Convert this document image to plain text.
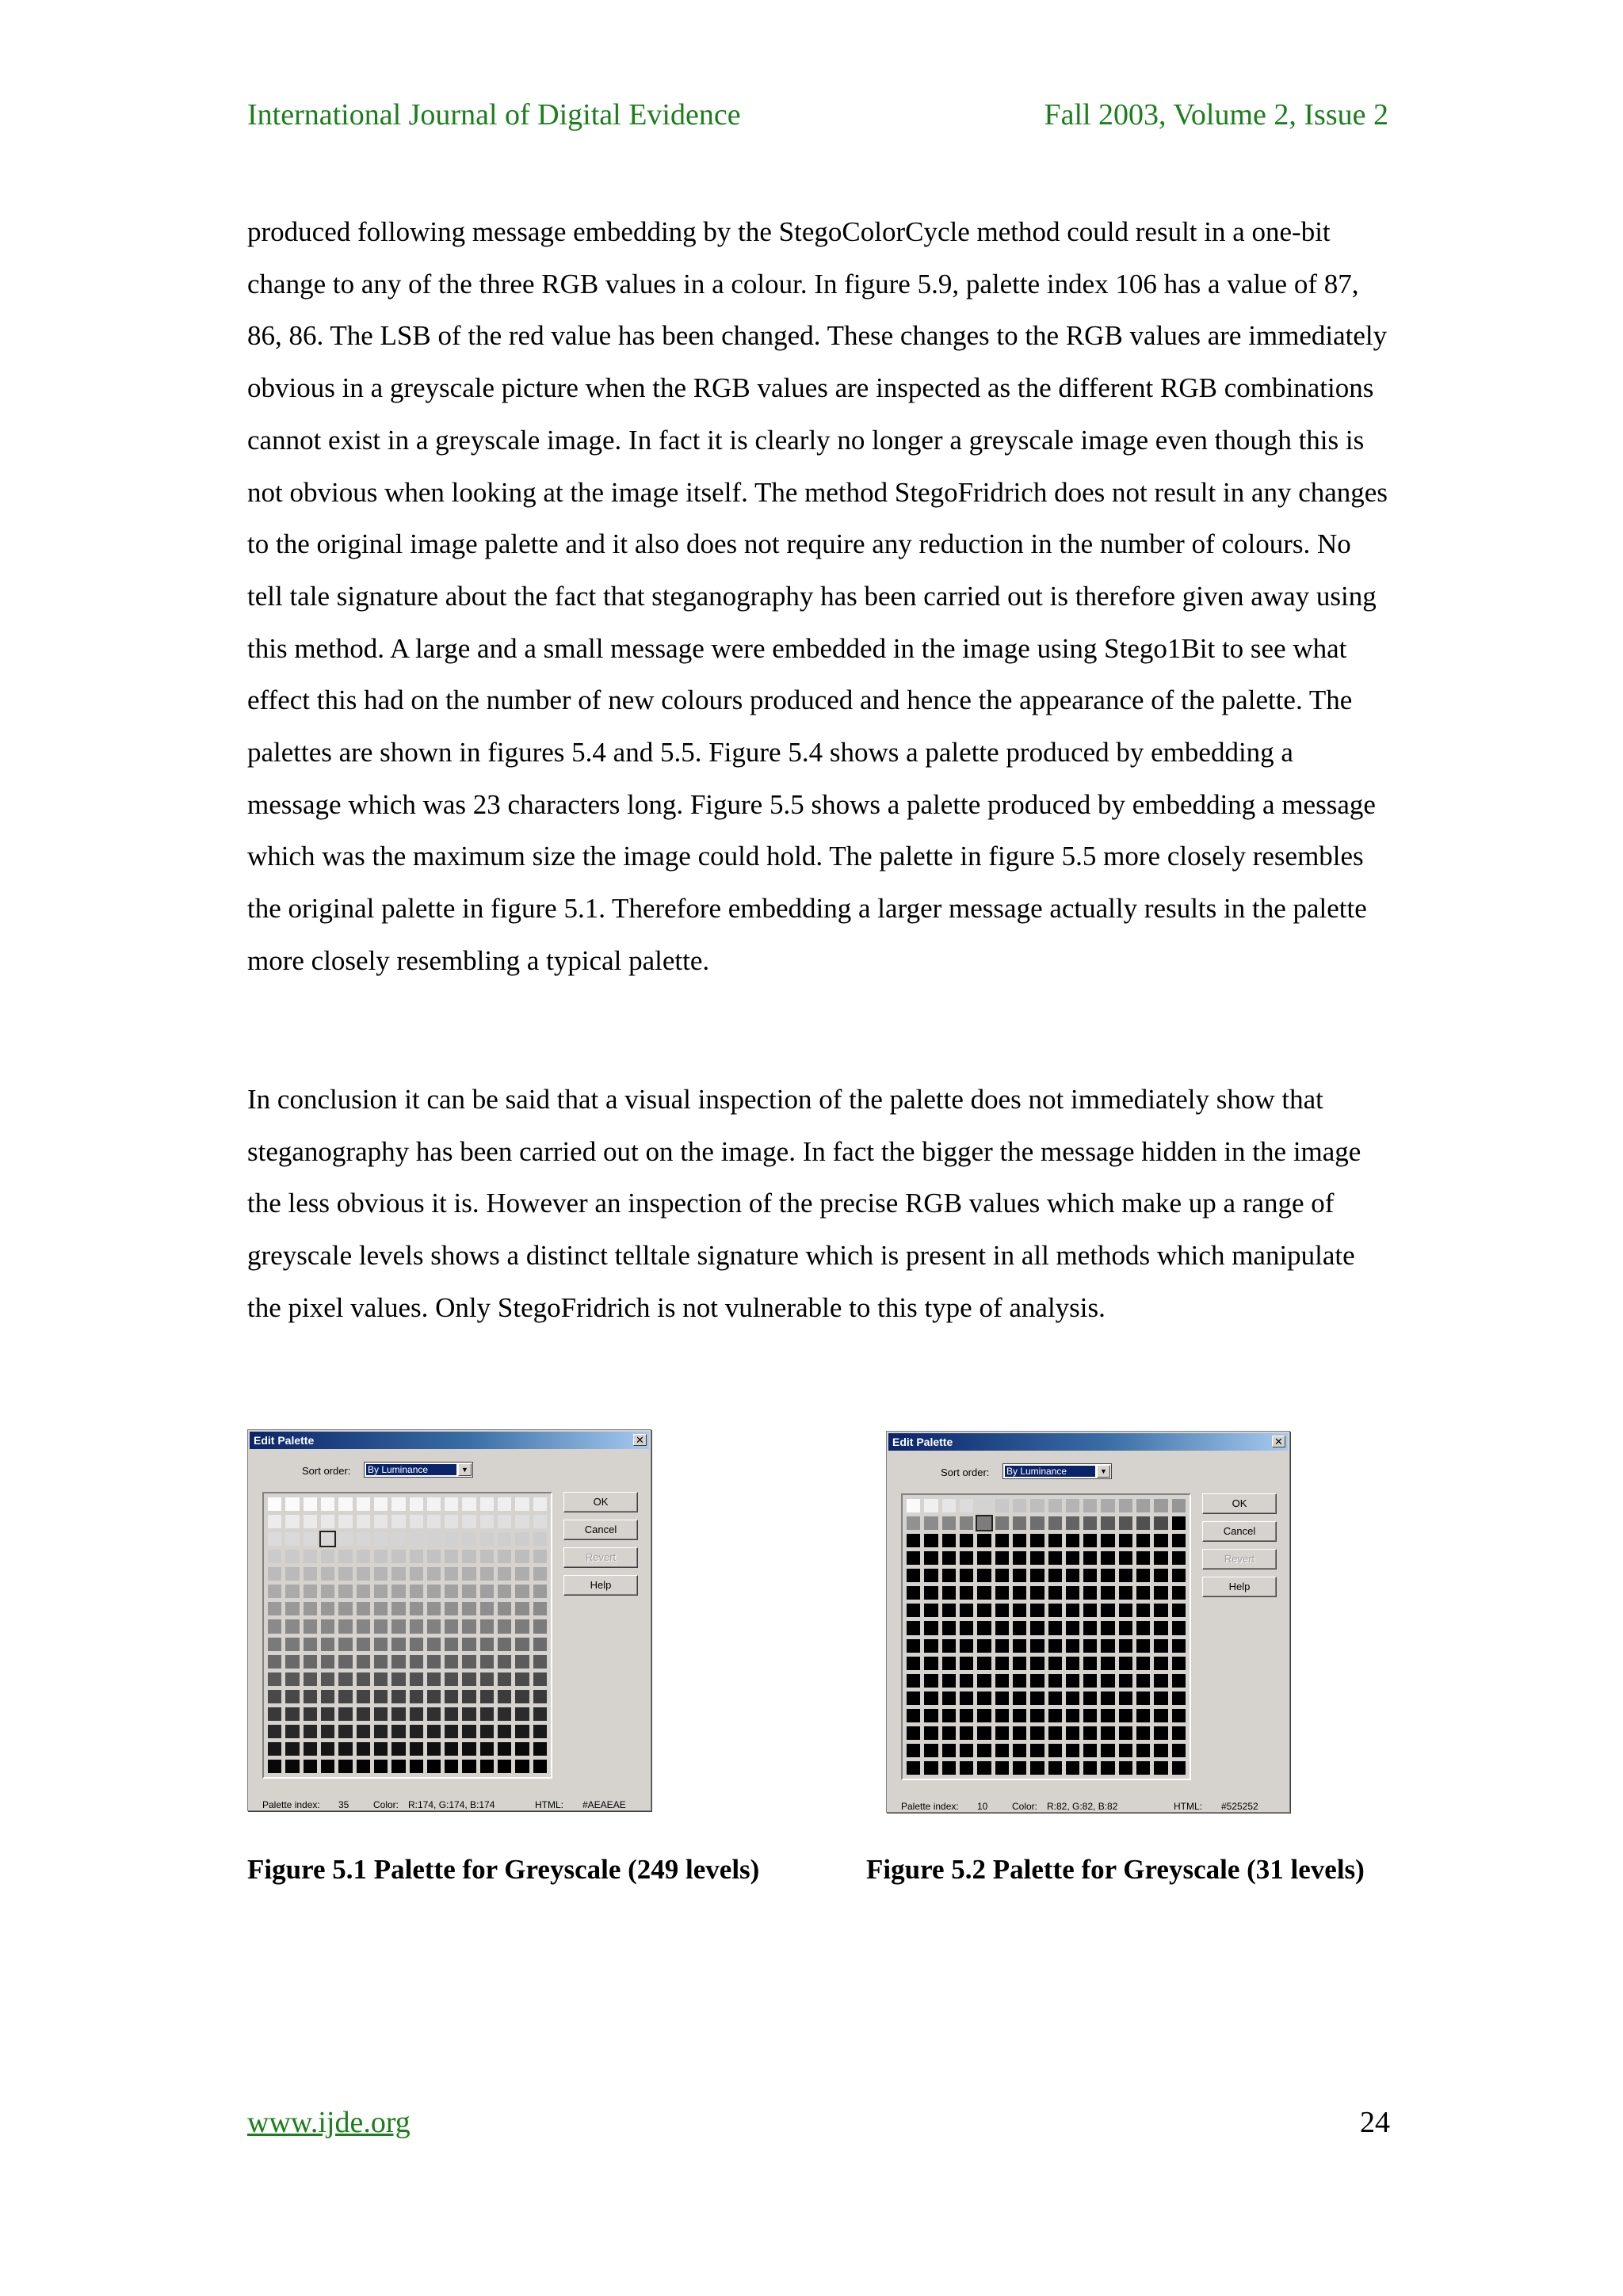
International Journal of Digital Evidence	Fall 2003, Volume 2, Issue 2

produced following message embedding by the StegoColorCycle method could result in a one-bit change to any of the three RGB values in a colour. In figure 5.9, palette index 106 has a value of 87, 86, 86. The LSB of the red value has been changed. These changes to the RGB values are immediately obvious in a greyscale picture when the RGB values are inspected as the different RGB combinations cannot exist in a greyscale image. In fact it is clearly no longer a greyscale image even though this is not obvious when looking at the image itself. The method StegoFridrich does not result in any changes to the original image palette and it also does not require any reduction in the number of colours. No tell tale signature about the fact that steganography has been carried out is therefore given away using this method. A large and a small message were embedded in the image using Stego1Bit to see what effect this had on the number of new colours produced and hence the appearance of the palette. The palettes are shown in figures 5.4 and 5.5. Figure 5.4 shows a palette produced by embedding a message which was 23 characters long. Figure 5.5 shows a palette produced by embedding a message which was the maximum size the image could hold. The palette in figure 5.5 more closely resembles the original palette in figure 5.1. Therefore embedding a larger message actually results in the palette more closely resembling a typical palette.

In conclusion it can be said that a visual inspection of the palette does not immediately show that steganography has been carried out on the image. In fact the bigger the message hidden in the image the less obvious it is. However an inspection of the precise RGB values which make up a range of greyscale levels shows a distinct telltale signature which is present in all methods which manipulate the pixel values. Only StegoFridrich is not vulnerable to this type of analysis.

Edit Palette	✕
Sort order: By Luminance	▼
OK
Cancel
Revert
Help
Palette index: 35	Color: R:174, G:174, B:174	HTML: #AEAEAE
Edit Palette	✕
Sort order: By Luminance	▼
OK
Cancel
Revert
Help
Palette index: 10	Color: R:82, G:82, B:82	HTML: #525252

Figure 5.1 Palette for Greyscale (249 levels)	Figure 5.2 Palette for Greyscale (31 levels)

www.ijde.org	24
